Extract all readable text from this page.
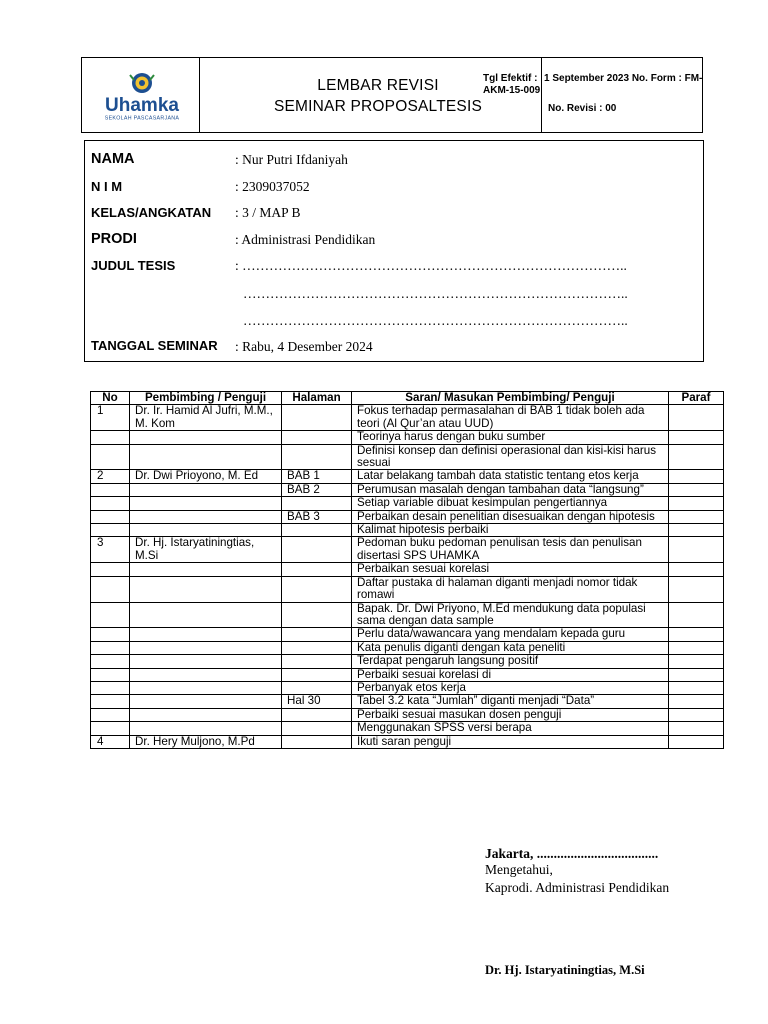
Uhamka
SEKOLAH PASCASARJANA
LEMBAR REVISI
SEMINAR PROPOSALTESIS
Tgl Efektif : AKM-15-009
1 September 2023 No. Form : FM-
No. Revisi : 00
NAMA	: Nur Putri Ifdaniyah
N I M	: 2309037052
KELAS/ANGKATAN : 3 / MAP B
PRODI	: Administrasi Pendidikan
JUDUL TESIS	: …………………………………………………………………………..
…………………………………………………………………………..
…………………………………………………………………………..
TANGGAL SEMINAR : Rabu, 4 Desember 2024
No	Pembimbing / Penguji	Halaman	Saran/ Masukan Pembimbing/ Penguji	Paraf
1	Dr. Ir. Hamid Al Jufri, M.M., M. Kom		Fokus terhadap permasalahan di BAB 1 tidak boleh ada teori (Al Qur’an atau UUD)	
			Teorinya harus dengan buku sumber	
			Definisi konsep dan definisi operasional dan kisi-kisi harus sesuai	
2	Dr. Dwi Prioyono, M. Ed	BAB 1	Latar belakang tambah data statistic tentang etos kerja	
		BAB 2	Perumusan masalah dengan tambahan data “langsung”	
			Setiap variable dibuat kesimpulan pengertiannya	
		BAB 3	Perbaikan desain penelitian disesuaikan dengan hipotesis	
			Kalimat hipotesis perbaiki	
3	Dr. Hj. Istaryatiningtias, M.Si		Pedoman buku pedoman penulisan tesis dan penulisan disertasi SPS UHAMKA	
			Perbaikan sesuai korelasi	
			Daftar pustaka di halaman diganti menjadi nomor tidak romawi	
			Bapak. Dr. Dwi Priyono, M.Ed mendukung data populasi sama dengan data sample	
			Perlu data/wawancara yang mendalam kepada guru	
			Kata penulis diganti dengan kata peneliti	
			Terdapat pengaruh langsung positif	
			Perbaiki sesuai korelasi di	
			Perbanyak etos kerja	
		Hal 30	Tabel 3.2 kata “Jumlah” diganti menjadi “Data”	
			Perbaiki sesuai masukan dosen penguji	
			Menggunakan SPSS versi berapa	
4	Dr. Hery Muljono, M.Pd		Ikuti saran penguji	
Jakarta, ....................................
Mengetahui,
Kaprodi. Administrasi Pendidikan
Dr. Hj. Istaryatiningtias, M.Si
